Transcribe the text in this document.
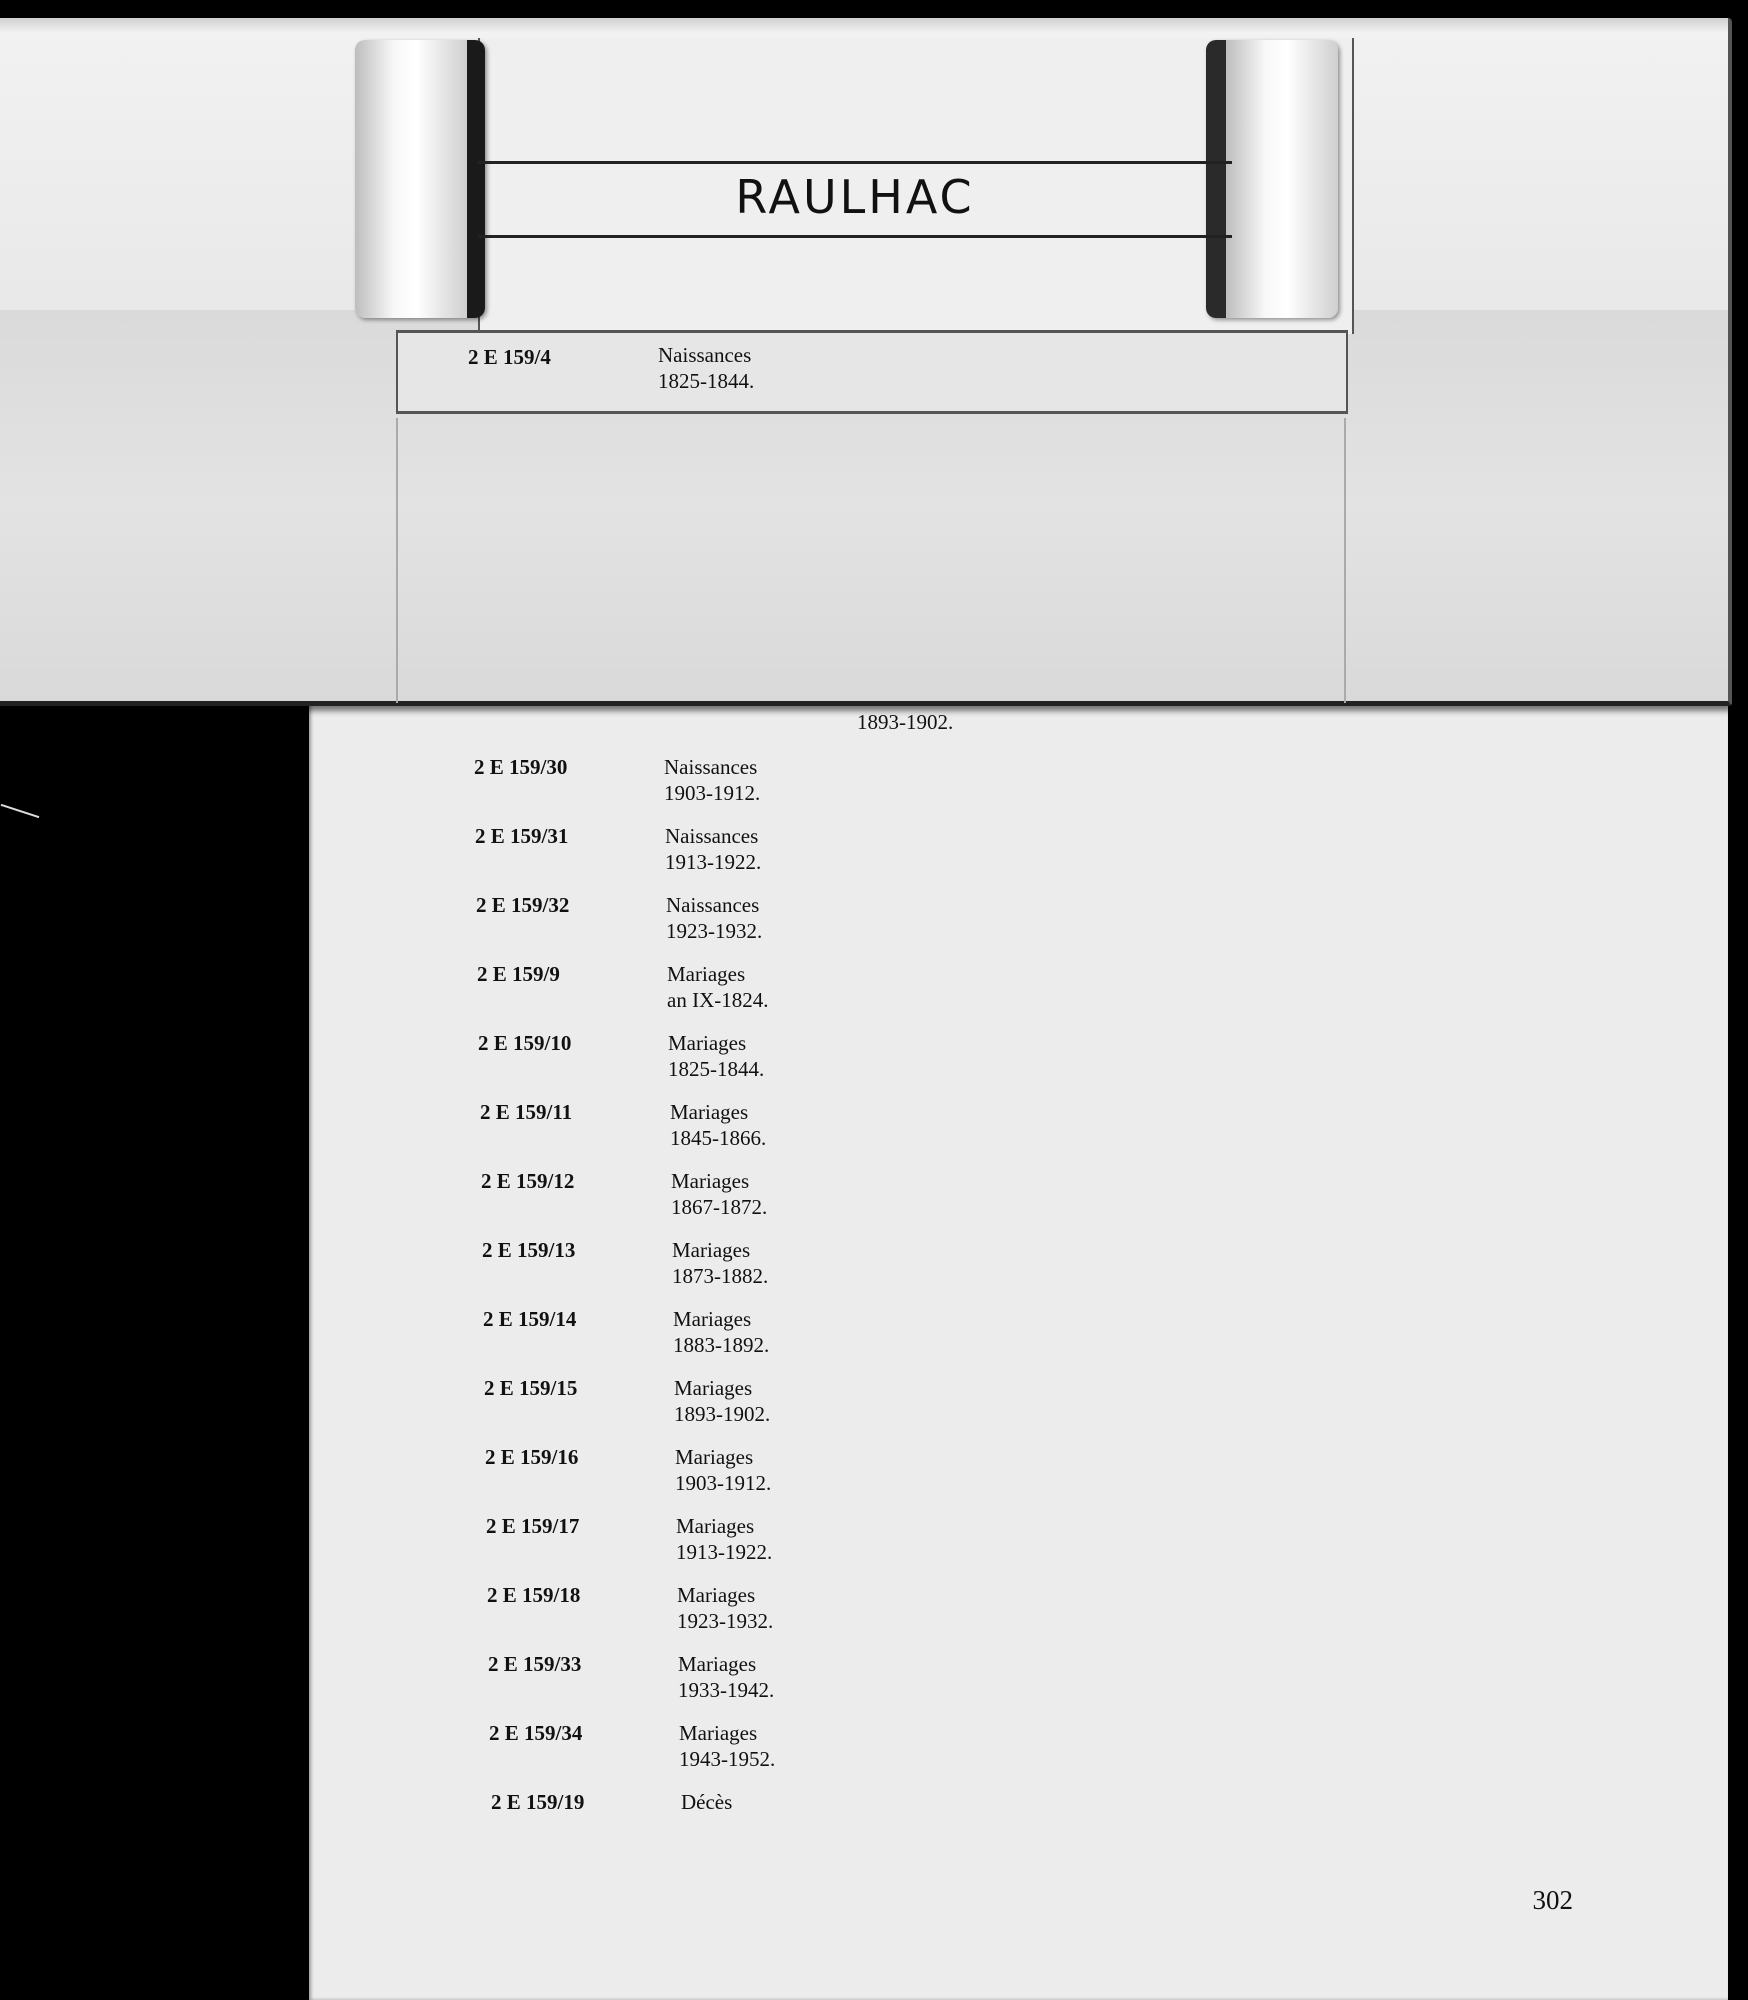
1893-1902.
2 E 159/30	Naissances
1903-1912.
2 E 159/31	Naissances
1913-1922.
2 E 159/32	Naissances
1923-1932.
2 E 159/9	Mariages
an IX-1824.
2 E 159/10	Mariages
1825-1844.
2 E 159/11	Mariages
1845-1866.
2 E 159/12	Mariages
1867-1872.
2 E 159/13	Mariages
1873-1882.
2 E 159/14	Mariages
1883-1892.
2 E 159/15	Mariages
1893-1902.
2 E 159/16	Mariages
1903-1912.
2 E 159/17	Mariages
1913-1922.
2 E 159/18	Mariages
1923-1932.
2 E 159/33	Mariages
1933-1942.
2 E 159/34	Mariages
1943-1952.
2 E 159/19	Décès
302
RAULHAC
2 E 159/4	Naissances
1825-1844.
